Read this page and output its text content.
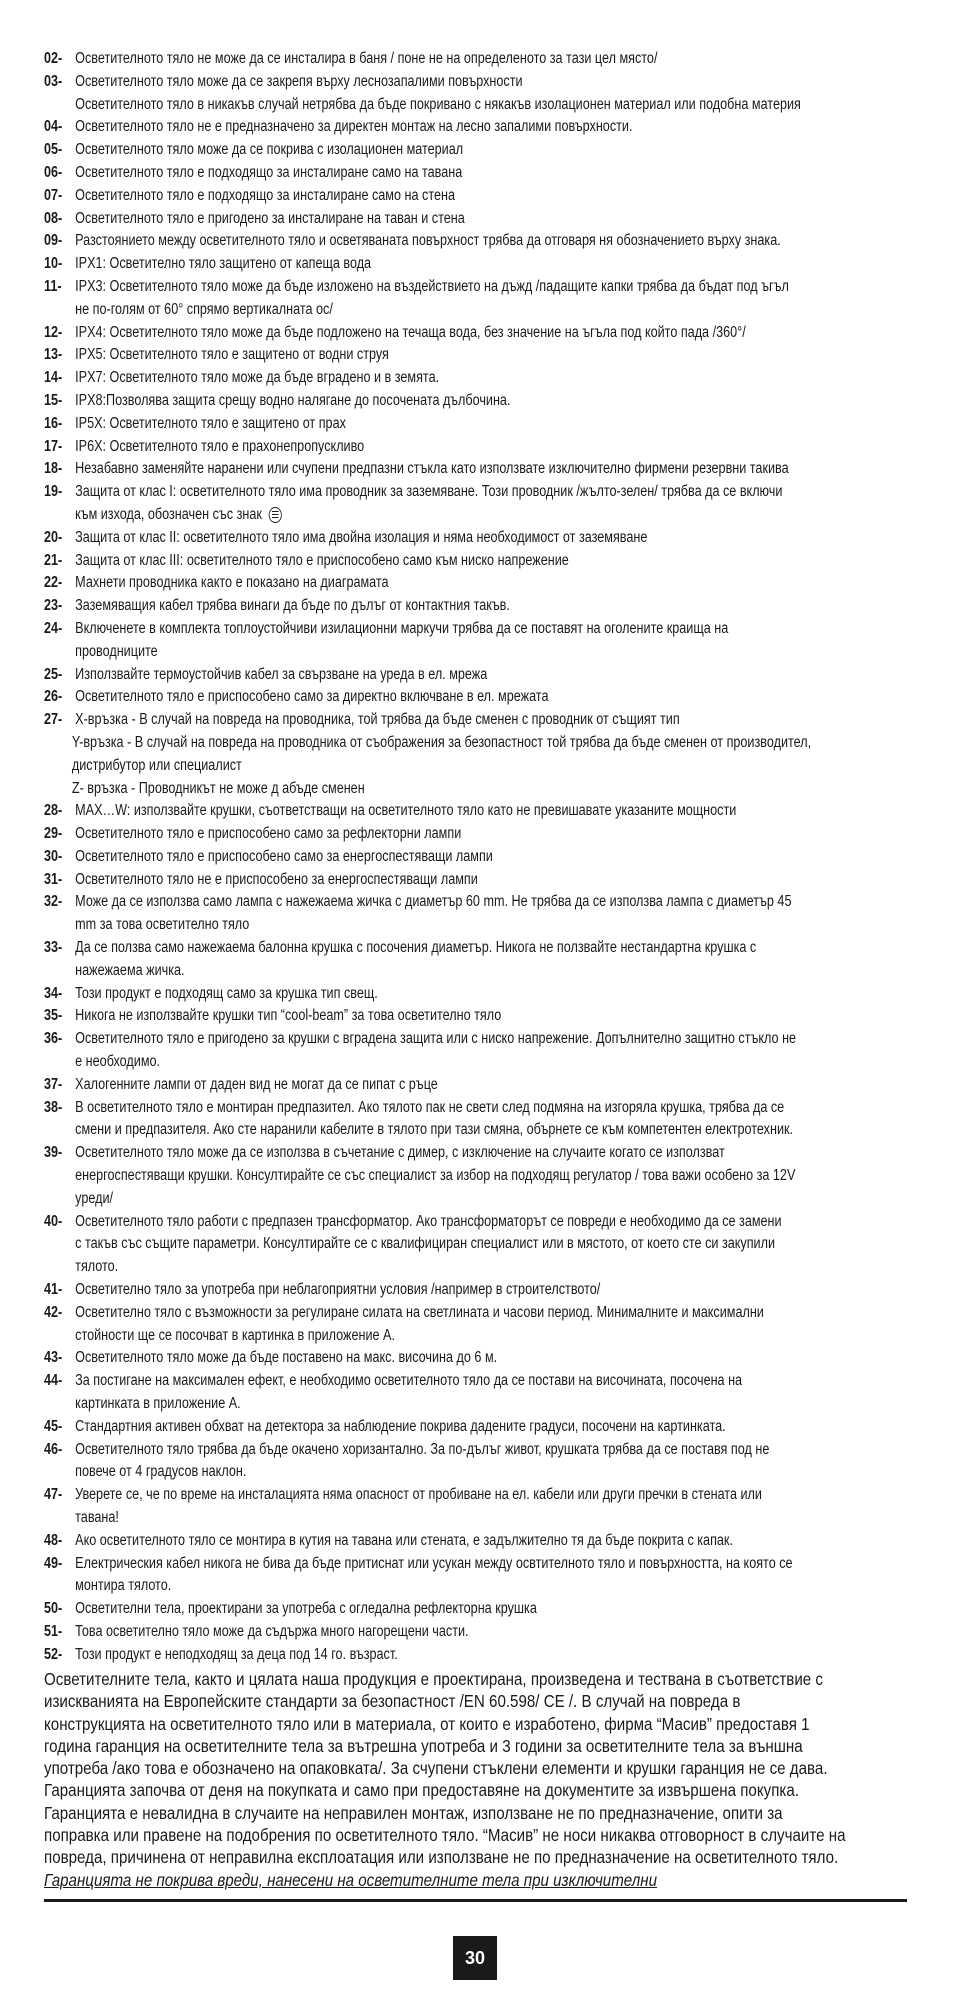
02- Осветителното тяло не може да се инсталира в баня / поне не на определеното за тази цел място/
03- Осветителното тяло може да се закрепя върху леснозапалими повърхности
Осветителното тяло в никакъв случай нетрябва да бъде покривано с някакъв изолационен материал или подобна материя
04- Осветителното тяло не е предназначено за директен монтаж на лесно запалими повърхности.
05- Осветителното тяло може да се покрива с изолационен материал
06- Осветителното тяло е подходящо за инсталиране само на тавана
07- Осветителното тяло е подходящо за инсталиране само на стена
08- Осветителното тяло е пригодено за инсталиране на таван и стена
09- Разстоянието между осветителното тяло и осветяваната повърхност трябва да отговаря ня обозначението върху знака.
10- IPX1: Осветително тяло защитено от капеща вода
11- IPX3: Осветителното тяло може да бъде изложено на въздействието на дъжд /падащите капки трябва да бъдат под ъгъл
не по-голям от 60° спрямо вертикалната ос/
12- IPX4: Осветителното тяло може да бъде подложено на течаща вода, без значение на ъгъла под който пада /360°/
13- IPX5: Осветителното тяло е защитено от водни струя
14- IPX7: Осветителното тяло може да бъде вградено и в земята.
15- IPX8:Позволява защита срещу водно налягане до посочената дълбочина.
16- IP5X: Осветителното тяло е защитено от прах
17- IP6X: Осветителното тяло е прахонепропускливо
18- Незабавно заменяйте наранени или счупени предпазни стъкла като използвате изключително фирмени резервни такива
19- Защита от клас I: осветителното тяло има проводник за заземяване. Този проводник /жълто-зелен/ трябва да се включи
към изхода, обозначен със знак
20- Защита от клас II: осветителното тяло има двойна изолация и няма необходимост от заземяване
21- Защита от клас III: осветителното тяло е приспособено само към ниско напрежение
22- Махнети проводника както е показано на диаграмата
23- Заземяващия кабел трябва винаги да бъде по дълъг от контактния такъв.
24- Включенете в комплекта топлоустойчиви изилационни маркучи трябва да се поставят на оголените краища на
проводниците
25- Използвайте термоустойчив кабел за свързване на уреда в ел. мрежа
26- Осветителното тяло е приспособено само за директно включване в ел. мрежата
27- X-връзка - В случай на повреда на проводника, той трябва да бъде сменен с проводник от същият тип
Y-връзка - В случай на повреда на проводника от съображения за безопастност той трябва да бъде сменен от производител,
дистрибутор или специалист
Z- връзка - Проводникът не може д абъде сменен
28- MAX…W: използвайте крушки, съответстващи на осветителното тяло като не превишавате указаните мощности
29- Осветителното тяло е приспособено само за рефлекторни лампи
30- Осветителното тяло е приспособено само за енергоспестяващи лампи
31- Осветителното тяло не е приспособено за енергоспестяващи лампи
32- Може да се използва само лампа с нажежаема жичка с диаметър 60 mm. Не трябва да се използва лампа с диаметър 45
mm за това осветително тяло
33- Да се ползва само нажежаема балонна крушка с посочения диаметър. Никога не ползвайте нестандартна крушка с
нажежаема жичка.
34- Този продукт е подходящ само за крушка тип свещ.
35- Никога не използвайте крушки тип “cool-beam” за това осветително тяло
36- Осветителното тяло е пригодено за крушки с вградена защита или с ниско напрежение. Допълнително защитно стъкло не
е необходимо.
37- Халогенните лампи от даден вид не могат да се пипат с ръце
38- В осветителното тяло е монтиран предпазител. Ако тялото пак не свети след подмяна на изгоряла крушка, трябва да се
смени и предпазителя. Ако сте наранили кабелите в тялото при тази смяна, обърнете се към компетентен електротехник.
39- Осветителното тяло може да се използва в съчетание с димер, с изключение на случаите когато се използват
енергоспестяващи крушки. Консултирайте се със специалист за избор на подходящ регулатор / това важи особено за 12V
уреди/
40- Осветителното тяло работи с предпазен трансформатор. Ако трансформаторът се повреди е необходимо да се замени
с такъв със същите параметри. Консултирайте се с квалифициран специалист или в мястото, от което сте си закупили
тялото.
41- Осветително тяло за употреба при неблагоприятни условия /например в строителството/
42- Осветително тяло с възможности за регулиране силата на светлината и часови период. Минималните и максимални
стойности ще се посочват в картинка в приложение А.
43- Осветителното тяло може да бъде поставено на макс. височина до 6 м.
44- За постигане на максимален ефект, е необходимо осветителното тяло да се постави на височината, посочена на
картинката в приложение А.
45- Стандартния активен обхват на детектора за наблюдение покрива дадените градуси, посочени на картинката.
46- Осветителното тяло трябва да бъде окачено хоризантално. За по-дълъг живот, крушката трябва да се поставя под не
повече от 4 градусов наклон.
47- Уверете се, че по време на инсталацията няма опасност от пробиване на ел. кабели или други пречки в стената или
тавана!
48- Ако осветителното тяло се монтира в кутия на тавана или стената, е задължително тя да бъде покрита с капак.
49- Електрическия кабел никога не бива да бъде притиснат или усукан между освтителното тяло и повърхността, на която се
монтира тялото.
50- Осветителни тела, проектирани за употреба с огледална рефлекторна крушка
51- Това осветително тяло може да съдържа много нагорещени части.
52- Този продукт е неподходящ за деца под 14 го. възраст.
Осветителните тела, както и цялата наша продукция е проектирана, произведена и тествана в съответствие с
изискванията на Европейските стандарти за безопастност /EN 60.598/ CE /. В случай на повреда в
конструкцията на осветителното тяло или в материала, от които е изработено, фирма “Масив” предоставя 1
година гаранция на осветителните тела за вътрешна употреба и 3 години за осветителните тела за външна
употреба /ако това е обозначено на опаковката/. За счупени стъклени елементи и крушки гаранция не се дава.
Гаранцията започва от деня на покупката и само при предоставяне на документите за извършена покупка.
Гаранцията е невалидна в случаите на неправилен монтаж, използване не по предназначение, опити за
поправка или правене на подобрения по осветителното тяло. “Масив” не носи никаква отговорност в случаите на
повреда, причинена от неправилна експлоатация или използване не по предназначение на осветителното тяло.
Гаранцията не покрива вреди, нанесени на осветителните тела при изключителни
30
